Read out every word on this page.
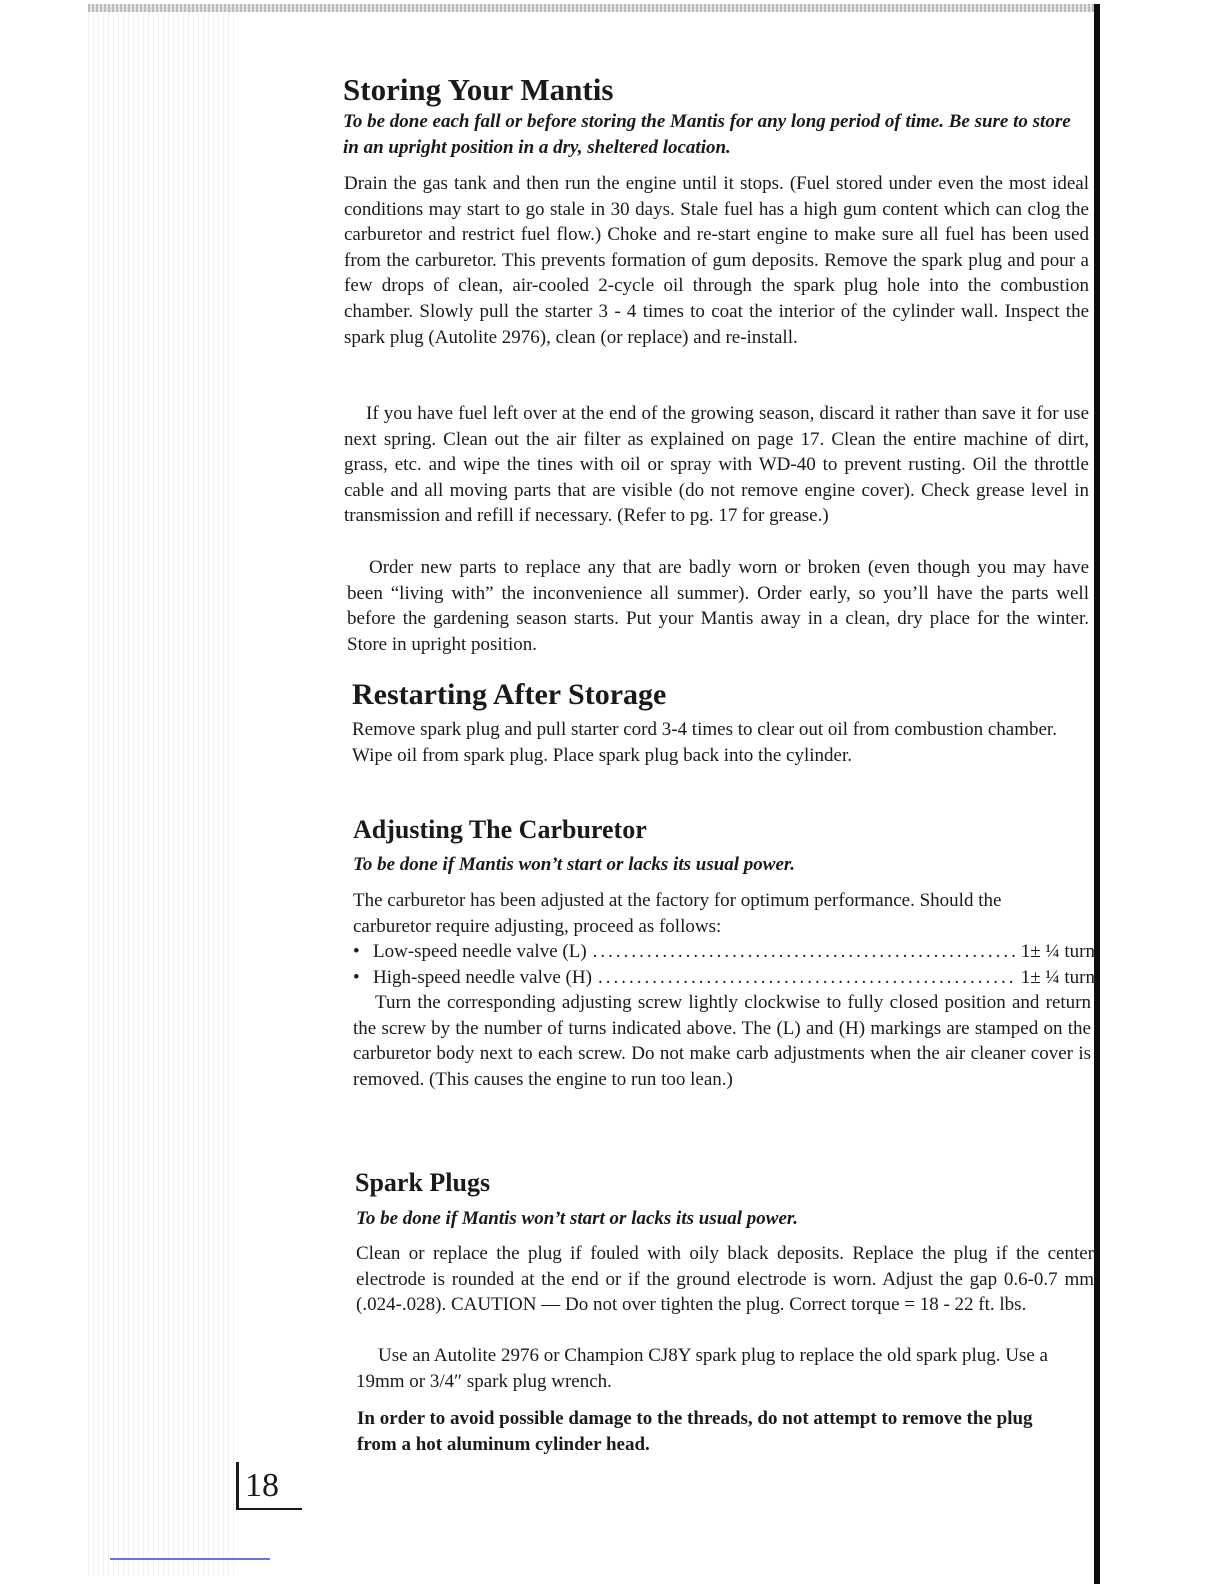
Storing Your Mantis

To be done each fall or before storing the Mantis for any long period of time. Be sure to store in an upright position in a dry, sheltered location.

Drain the gas tank and then run the engine until it stops. (Fuel stored under even the most ideal conditions may start to go stale in 30 days. Stale fuel has a high gum content which can clog the carburetor and restrict fuel flow.) Choke and re-start engine to make sure all fuel has been used from the carburetor. This prevents formation of gum deposits. Remove the spark plug and pour a few drops of clean, air-cooled 2-cycle oil through the spark plug hole into the combustion chamber. Slowly pull the starter 3 - 4 times to coat the interior of the cylinder wall. Inspect the spark plug (Autolite 2976), clean (or replace) and re-install.

If you have fuel left over at the end of the growing season, discard it rather than save it for use next spring. Clean out the air filter as explained on page 17. Clean the entire machine of dirt, grass, etc. and wipe the tines with oil or spray with WD-40 to prevent rusting. Oil the throttle cable and all moving parts that are visible (do not remove engine cover). Check grease level in transmission and refill if necessary. (Refer to pg. 17 for grease.)

Order new parts to replace any that are badly worn or broken (even though you may have been “living with” the inconvenience all summer). Order early, so you’ll have the parts well before the gardening season starts. Put your Mantis away in a clean, dry place for the winter. Store in upright position.

Restarting After Storage

Remove spark plug and pull starter cord 3-4 times to clear out oil from combustion chamber. Wipe oil from spark plug. Place spark plug back into the cylinder.

Adjusting The Carburetor

To be done if Mantis won’t start or lacks its usual power.

The carburetor has been adjusted at the factory for optimum performance. Should the carburetor require adjusting, proceed as follows:

• Low-speed needle valve (L) .....	1± ¼ turn
• High-speed needle valve (H) .....	1± ¼ turn

Turn the corresponding adjusting screw lightly clockwise to fully closed position and return the screw by the number of turns indicated above. The (L) and (H) markings are stamped on the carburetor body next to each screw. Do not make carb adjustments when the air cleaner cover is removed. (This causes the engine to run too lean.)

Spark Plugs

To be done if Mantis won’t start or lacks its usual power.

Clean or replace the plug if fouled with oily black deposits. Replace the plug if the center electrode is rounded at the end or if the ground electrode is worn. Adjust the gap 0.6-0.7 mm (.024-.028). CAUTION — Do not over tighten the plug. Correct torque = 18 - 22 ft. lbs.

Use an Autolite 2976 or Champion CJ8Y spark plug to replace the old spark plug. Use a 19mm or 3/4″ spark plug wrench.

In order to avoid possible damage to the threads, do not attempt to remove the plug from a hot aluminum cylinder head.

18
